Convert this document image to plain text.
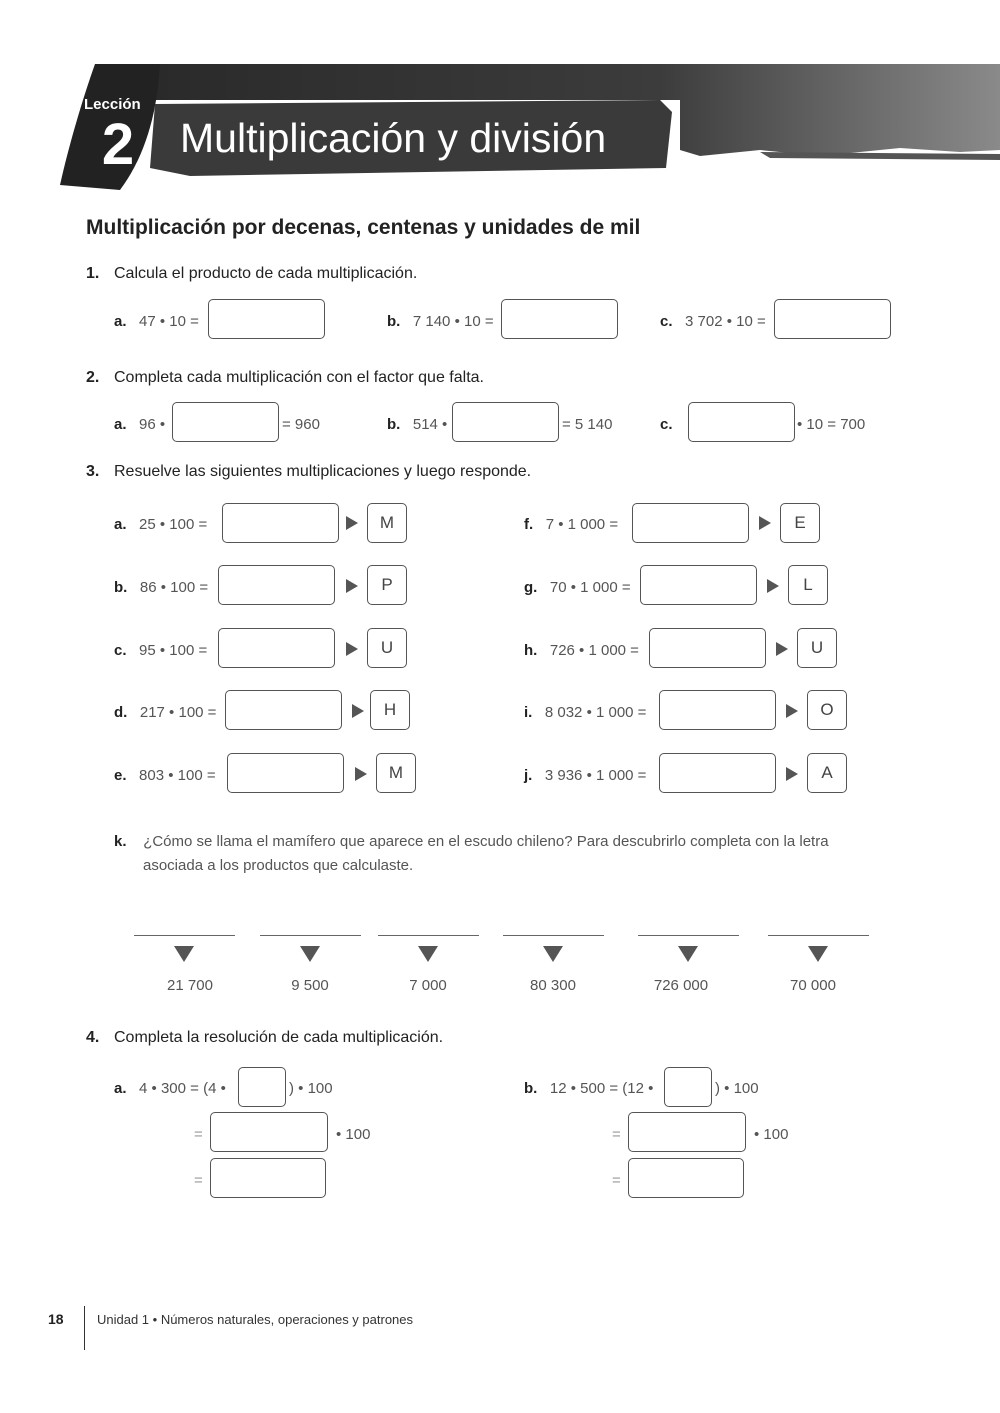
Lección
2	Multiplicación y división
Multiplicación por decenas, centenas y unidades de mil
1. Calcula el producto de cada multiplicación.
a. 47 • 10 =	b. 7 140 • 10 =	c. 3 702 • 10 =
2. Completa cada multiplicación con el factor que falta.
a. 96 •	= 960	b. 514 •	= 5 140	c.	• 10 = 700
3. Resuelve las siguientes multiplicaciones y luego responde.
a. 25 • 100 =	M
b. 86 • 100 =	P
c. 95 • 100 =	U
d. 217 • 100 =	H
e. 803 • 100 =	M
f. 7 • 1 000 =	E
g. 70 • 1 000 =	L
h. 726 • 1 000 =	U
i. 8 032 • 1 000 =	O
j. 3 936 • 1 000 =	A
k. ¿Cómo se llama el mamífero que aparece en el escudo chileno? Para descubrirlo completa con la letra
asociada a los productos que calculaste.
21 700	9 500	7 000	80 300	726 000	70 000
4. Completa la resolución de cada multiplicación.
a. 4 • 300 = (4 •	) • 100
=	• 100
=
b. 12 • 500 = (12 •	) • 100
=	• 100
=
18	Unidad 1 • Números naturales, operaciones y patrones
